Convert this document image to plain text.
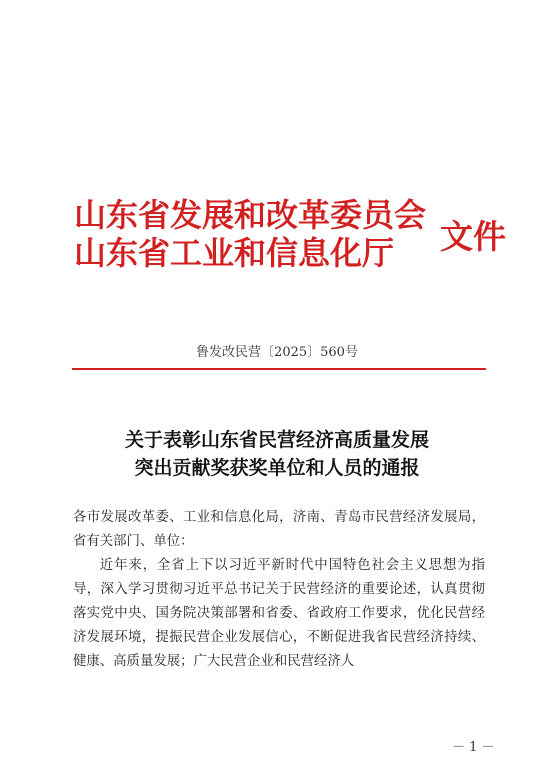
山东省发展和改革委员会
山东省工业和信息化厅	文件
鲁发改民营〔2025〕560号
关于表彰山东省民营经济高质量发展
突出贡献奖获奖单位和人员的通报

各市发展改革委、工业和信息化局，济南、青岛市民营经济发展局，省有关部门、单位：

近年来，全省上下以习近平新时代中国特色社会主义思想为指导，深入学习贯彻习近平总书记关于民营经济的重要论述，认真贯彻落实党中央、国务院决策部署和省委、省政府工作要求，优化民营经济发展环境，提振民营企业发展信心，不断促进我省民营经济持续、健康、高质量发展；广大民营企业和民营经济人

－ 1 －
